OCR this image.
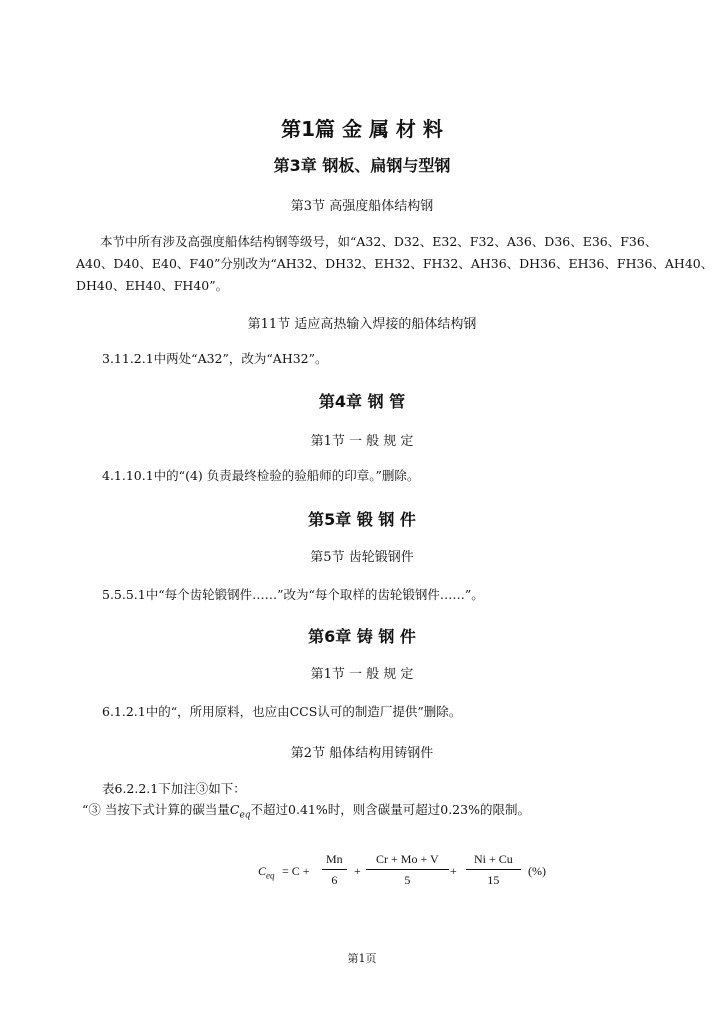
第1篇 金 属 材 料
第3章 钢板、扁钢与型钢
第3节 高强度船体结构钢
本节中所有涉及高强度船体结构钢等级号，如“A32、D32、E32、F32、A36、D36、E36、F36、
A40、D40、E40、F40”分别改为“AH32、DH32、EH32、FH32、AH36、DH36、EH36、FH36、AH40、
DH40、EH40、FH40”。
第11节 适应高热输入焊接的船体结构钢
3.11.2.1中两处“A32”，改为“AH32”。
第4章 钢 管
第1节 一 般 规 定
4.1.10.1中的“(4) 负责最终检验的验船师的印章。”删除。
第5章 锻 钢 件
第5节 齿轮锻钢件
5.5.5.1中“每个齿轮锻钢件……”改为“每个取样的齿轮锻钢件……”。
第6章 铸 钢 件
第1节 一 般 规 定
6.1.2.1中的“，所用原料，也应由CCS认可的制造厂提供”删除。
第2节 船体结构用铸钢件
表6.2.2.1下加注③如下：
“③ 当按下式计算的碳当量$C_{eq}$不超过0.41%时，则含碳量可超过0.23%的限制。
$C_{eq} = C + \frac{Mn}{6} + \frac{Cr + Mo + V}{5} + \frac{Ni + Cu}{15}$ (%)
第1页
